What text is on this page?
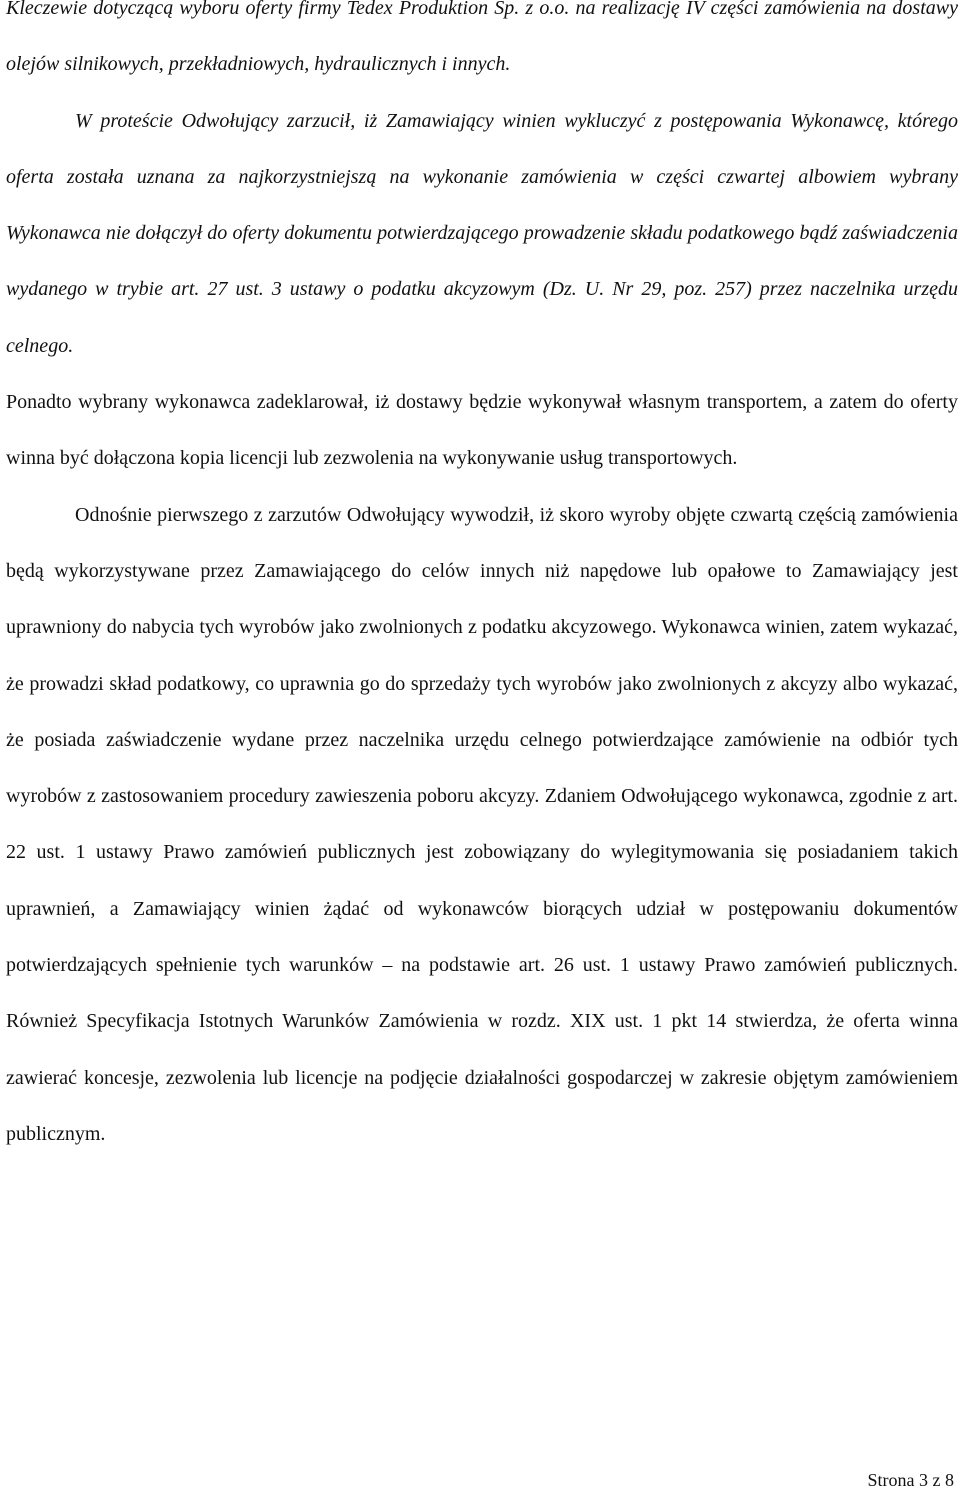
Kleczewie dotyczącą wyboru oferty firmy Tedex Produktion Sp. z o.o. na realizację IV części zamówienia na dostawy olejów silnikowych, przekładniowych, hydraulicznych i innych.

W proteście Odwołujący zarzucił, iż Zamawiający winien wykluczyć z postępowania Wykonawcę, którego oferta została uznana za najkorzystniejszą na wykonanie zamówienia w części czwartej albowiem wybrany Wykonawca nie dołączył do oferty dokumentu potwierdzającego prowadzenie składu podatkowego bądź zaświadczenia wydanego w trybie art. 27 ust. 3 ustawy o podatku akcyzowym (Dz. U. Nr 29, poz. 257) przez naczelnika urzędu celnego.

Ponadto wybrany wykonawca zadeklarował, iż dostawy będzie wykonywał własnym transportem, a zatem do oferty winna być dołączona kopia licencji lub zezwolenia na wykonywanie usług transportowych.

Odnośnie pierwszego z zarzutów Odwołujący wywodził, iż skoro wyroby objęte czwartą częścią zamówienia będą wykorzystywane przez Zamawiającego do celów innych niż napędowe lub opałowe to Zamawiający jest uprawniony do nabycia tych wyrobów jako zwolnionych z podatku akcyzowego. Wykonawca winien, zatem wykazać, że prowadzi skład podatkowy, co uprawnia go do sprzedaży tych wyrobów jako zwolnionych z akcyzy albo wykazać, że posiada zaświadczenie wydane przez naczelnika urzędu celnego potwierdzające zamówienie na odbiór tych wyrobów z zastosowaniem procedury zawieszenia poboru akcyzy. Zdaniem Odwołującego wykonawca, zgodnie z art. 22 ust. 1 ustawy Prawo zamówień publicznych jest zobowiązany do wylegitymowania się posiadaniem takich uprawnień, a Zamawiający winien żądać od wykonawców biorących udział w postępowaniu dokumentów potwierdzających spełnienie tych warunków – na podstawie art. 26 ust. 1 ustawy Prawo zamówień publicznych. Również Specyfikacja Istotnych Warunków Zamówienia w rozdz. XIX ust. 1 pkt 14 stwierdza, że oferta winna zawierać koncesje, zezwolenia lub licencje na podjęcie działalności gospodarczej w zakresie objętym zamówieniem publicznym.

Strona 3 z 8
